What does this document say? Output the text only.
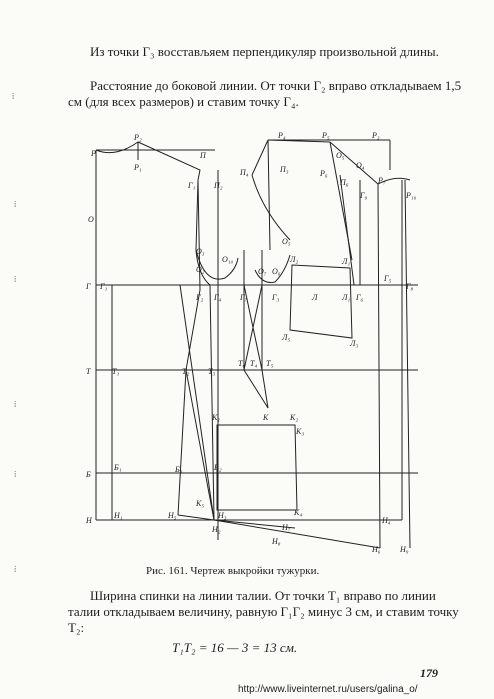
Из точки Г₃ восстављяем перпендикуляр произвольной длины.

Расстояние до боковой линии. От точки Г₂ вправо откладываем 1,5 см (для всех размеров) и ставим точку Г₄.

⁞
⁞
⁞
⁞
⁞
⁞
Р
Р₂
Р₁
П
Г₁ П₂
О
Г Г₁
Т	Т₁
Б
Б₁
Н
Н₁
Р₄	Р₅	Р₃
П₄	П₃
О₅
О₄
Р₆
П₆
Г₉
Р₇
Р₁₀
О₅
О₃
О₁₀
О₂	О₇ О₆
Л₂	Л₁
Г₂ Г₄ Г₇	Г₃	Л	Л₁ Г₆
Г₅
Г₈
Л₅
Л₃
Т₂ Т₃
Т₆ Т₄ Т₅
К₁	К	К₂
К₃
Б₃	Б₂
К₅
Н₃
Н₅	К₄
Н₂	Н₇
Н₈
Н₄
Н₆ Н₉
Рис. 161. Чертеж выкройки тужурки.

Ширина спинки на линии талии. От точки Т₁ вправо по линии талии откладываем величину, равную Г₁Г₂ минус 3 см, и ставим точку Т₂:

Т₁Т₂ = 16 — 3 = 13 см.
179
http://www.liveinternet.ru/users/galina_o/
